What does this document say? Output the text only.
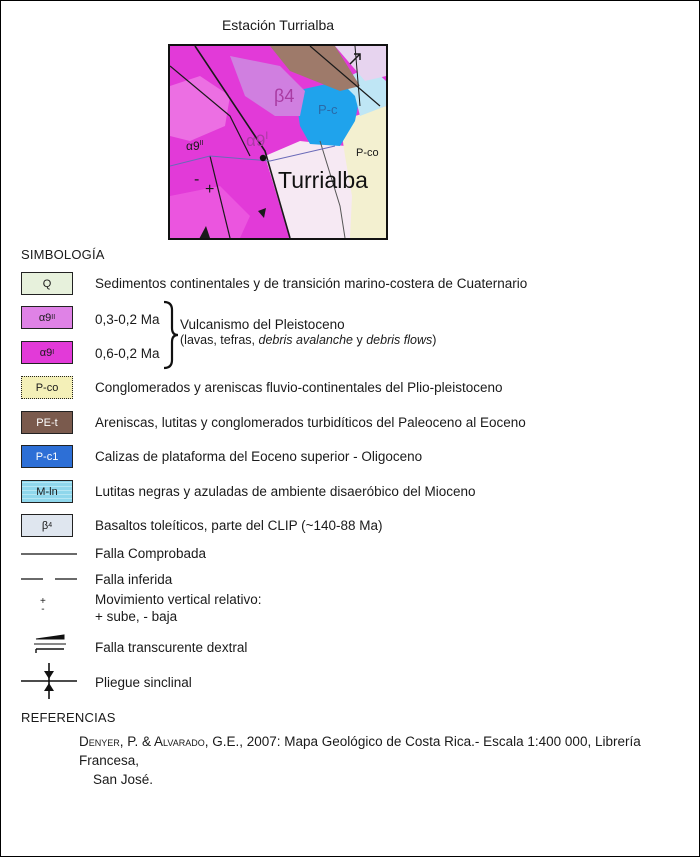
Estación Turrialba
+
-
$\alpha 9^{II}$ $\alpha 9^I$
β4
P-c
P-co
Turrialba
SIMBOLOGÍA
Q	Sedimentos continentales y de transición marino-costera de Cuaternario
α9 II	0,3-0,2 Ma
α9 I	0,6-0,2 Ma
Vulcanismo del Pleistoceno
(lavas, tefras, debris avalanche y debris flows)
P-co	Conglomerados y areniscas fluvio-continentales del Plio-pleistoceno
PE-t	Areniscas, lutitas y conglomerados turbidíticos del Paleoceno al Eoceno
P-c1	Calizas de plataforma del Eoceno superior - Oligoceno
M-ln	Lutitas negras y azuladas de ambiente disaeróbico del Mioceno
β 4	Basaltos toleíticos, parte del CLIP (~140-88 Ma)
Falla Comprobada
Falla inferida
+
-
Movimiento vertical relativo:
+ sube, - baja
Falla transcurente dextral
Pliegue sinclinal
REFERENCIAS
Denyer, P. & Alvarado, G.E., 2007: Mapa Geológico de Costa Rica.- Escala 1:400 000, Librería Francesa,
San José.
